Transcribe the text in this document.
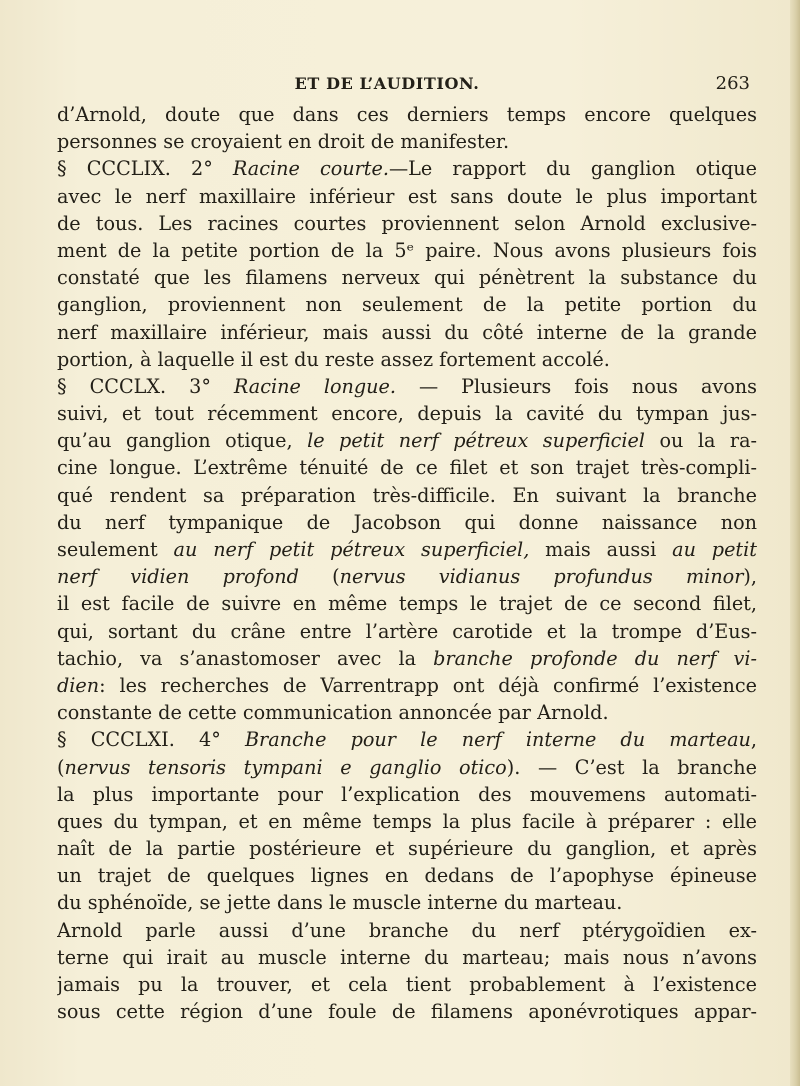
ET DE L’AUDITION.	263
d’Arnold, doute que dans ces derniers temps encore quelques
personnes se croyaient en droit de manifester.
§ CCCLIX. 2° Racine courte.—Le rapport du ganglion otique
avec le nerf maxillaire inférieur est sans doute le plus important
de tous. Les racines courtes proviennent selon Arnold exclusive-
ment de la petite portion de la 5ᵉ paire. Nous avons plusieurs fois
constaté que les filamens nerveux qui pénètrent la substance du
ganglion, proviennent non seulement de la petite portion du
nerf maxillaire inférieur, mais aussi du côté interne de la grande
portion, à laquelle il est du reste assez fortement accolé.
§ CCCLX. 3° Racine longue. — Plusieurs fois nous avons
suivi, et tout récemment encore, depuis la cavité du tympan jus-
qu’au ganglion otique, le petit nerf pétreux superficiel ou la ra-
cine longue. L’extrême ténuité de ce filet et son trajet très-compli-
qué rendent sa préparation très-difficile. En suivant la branche
du nerf tympanique de Jacobson qui donne naissance non
seulement au nerf petit pétreux superficiel, mais aussi au petit
nerf vidien profond (nervus vidianus profundus minor),
il est facile de suivre en même temps le trajet de ce second filet,
qui, sortant du crâne entre l’artère carotide et la trompe d’Eus-
tachio, va s’anastomoser avec la branche profonde du nerf vi-
dien: les recherches de Varrentrapp ont déjà confirmé l’existence
constante de cette communication annoncée par Arnold.
§ CCCLXI. 4° Branche pour le nerf interne du marteau,
(nervus tensoris tympani e ganglio otico). — C’est la branche
la plus importante pour l’explication des mouvemens automati-
ques du tympan, et en même temps la plus facile à préparer : elle
naît de la partie postérieure et supérieure du ganglion, et après
un trajet de quelques lignes en dedans de l’apophyse épineuse
du sphénoïde, se jette dans le muscle interne du marteau.
Arnold parle aussi d’une branche du nerf ptérygoïdien ex-
terne qui irait au muscle interne du marteau; mais nous n’avons
jamais pu la trouver, et cela tient probablement à l’existence
sous cette région d’une foule de filamens aponévrotiques appar-
